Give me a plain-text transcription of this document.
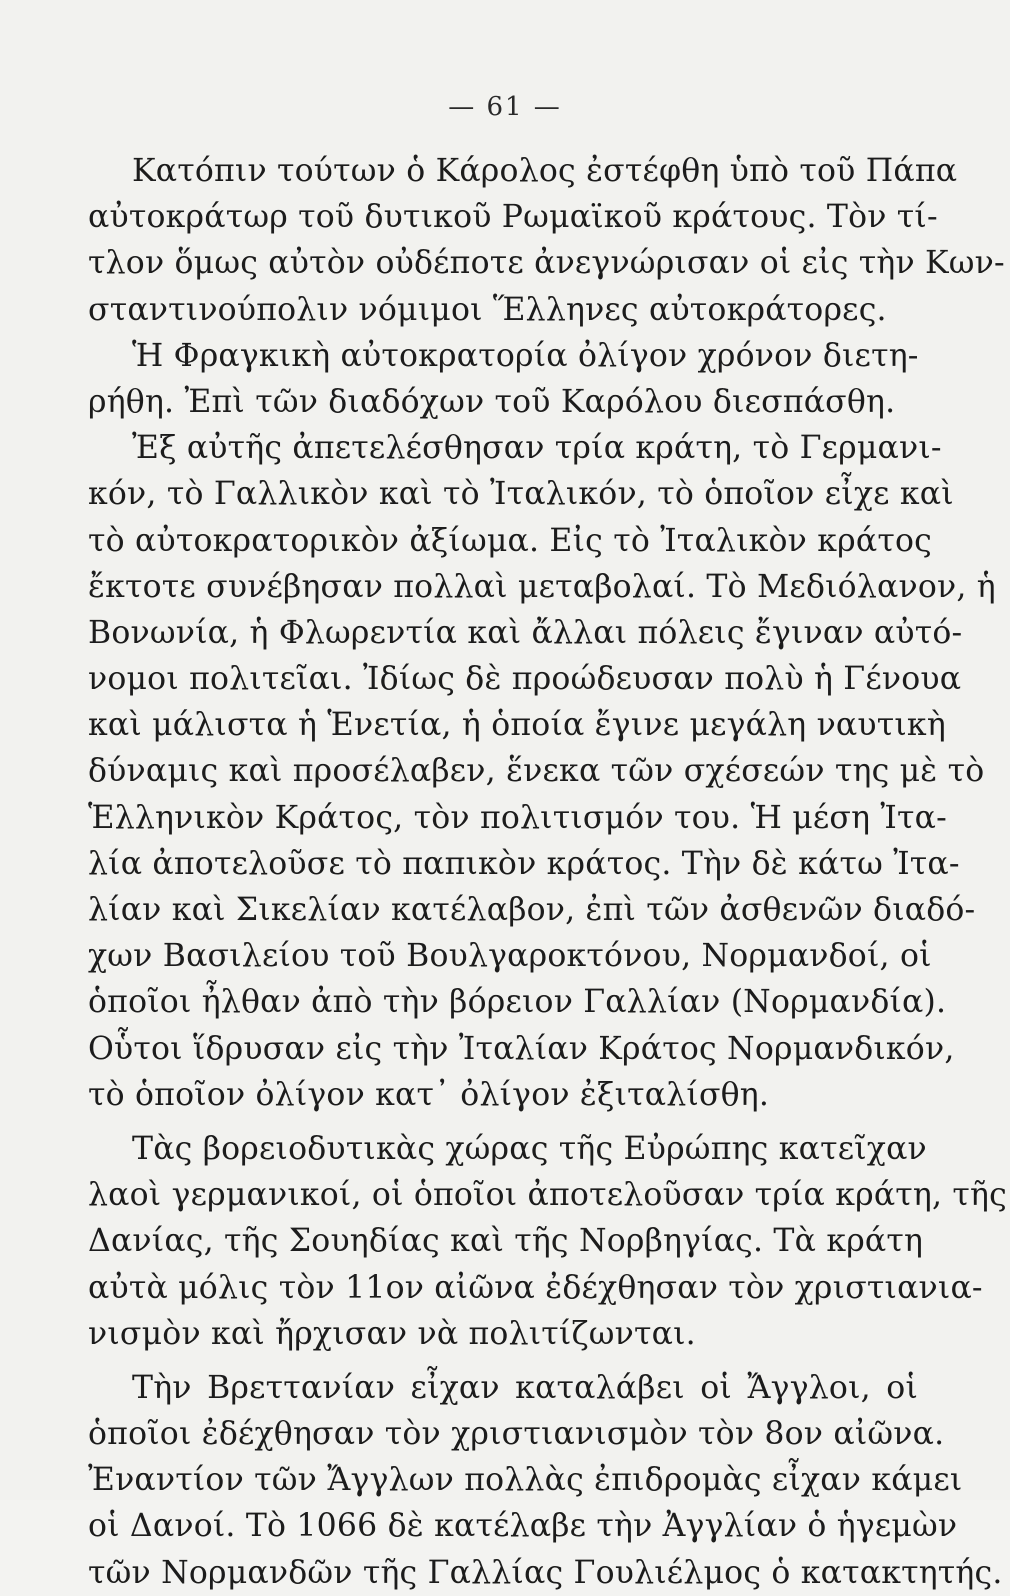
— 61 —
Κατόπιν τούτων ὁ Κάρολος ἐστέφθη ὑπὸ τοῦ Πάπα
αὐτοκράτωρ τοῦ δυτικοῦ Ρωμαϊκοῦ κράτους. Τὸν τί-
τλον ὅμως αὐτὸν οὐδέποτε ἀνεγνώρισαν οἱ εἰς τὴν Κων-
σταντινούπολιν νόμιμοι Ἕλληνες αὐτοκράτορες.
Ἡ Φραγκικὴ αὐτοκρατορία ὀλίγον χρόνον διετη-
ρήθη. Ἐπὶ τῶν διαδόχων τοῦ Καρόλου διεσπάσθη.
Ἐξ αὐτῆς ἀπετελέσθησαν τρία κράτη, τὸ Γερμανι-
κόν, τὸ Γαλλικὸν καὶ τὸ Ἰταλικόν, τὸ ὁποῖον εἶχε καὶ
τὸ αὐτοκρατορικὸν ἀξίωμα. Εἰς τὸ Ἰταλικὸν κράτος
ἔκτοτε συνέβησαν πολλαὶ μεταβολαί. Τὸ Μεδιόλανον, ἡ
Βονωνία, ἡ Φλωρεντία καὶ ἄλλαι πόλεις ἔγιναν αὐτό-
νομοι πολιτεῖαι. Ἰδίως δὲ προώδευσαν πολὺ ἡ Γένουα
καὶ μάλιστα ἡ Ἑνετία, ἡ ὁποία ἔγινε μεγάλη ναυτικὴ
δύναμις καὶ προσέλαβεν, ἕνεκα τῶν σχέσεών της μὲ τὸ
Ἑλληνικὸν Κράτος, τὸν πολιτισμόν του. Ἡ μέση Ἰτα-
λία ἀποτελοῦσε τὸ παπικὸν κράτος. Τὴν δὲ κάτω Ἰτα-
λίαν καὶ Σικελίαν κατέλαβον, ἐπὶ τῶν ἀσθενῶν διαδό-
χων Βασιλείου τοῦ Βουλγαροκτόνου, Νορμανδοί, οἱ
ὁποῖοι ἦλθαν ἀπὸ τὴν βόρειον Γαλλίαν (Νορμανδία).
Οὗτοι ἵδρυσαν εἰς τὴν Ἰταλίαν Κράτος Νορμανδικόν,
τὸ ὁποῖον ὀλίγον κατ᾽ ὀλίγον ἐξιταλίσθη.
Τὰς βορειοδυτικὰς χώρας τῆς Εὐρώπης κατεῖχαν
λαοὶ γερμανικοί, οἱ ὁποῖοι ἀποτελοῦσαν τρία κράτη, τῆς
Δανίας, τῆς Σουηδίας καὶ τῆς Νορβηγίας. Τὰ κράτη
αὐτὰ μόλις τὸν 11ον αἰῶνα ἐδέχθησαν τὸν χριστιανια-
νισμὸν καὶ ἤρχισαν νὰ πολιτίζωνται.
Τὴν Βρεττανίαν εἶχαν καταλάβει οἱ Ἄγγλοι, οἱ
ὁποῖοι ἐδέχθησαν τὸν χριστιανισμὸν τὸν 8ον αἰῶνα.
Ἐναντίον τῶν Ἄγγλων πολλὰς ἐπιδρομὰς εἶχαν κάμει
οἱ Δανοί. Τὸ 1066 δὲ κατέλαβε τὴν Ἀγγλίαν ὁ ἡγεμὼν
τῶν Νορμανδῶν τῆς Γαλλίας Γουλιέλμος ὁ κατακτητής.
